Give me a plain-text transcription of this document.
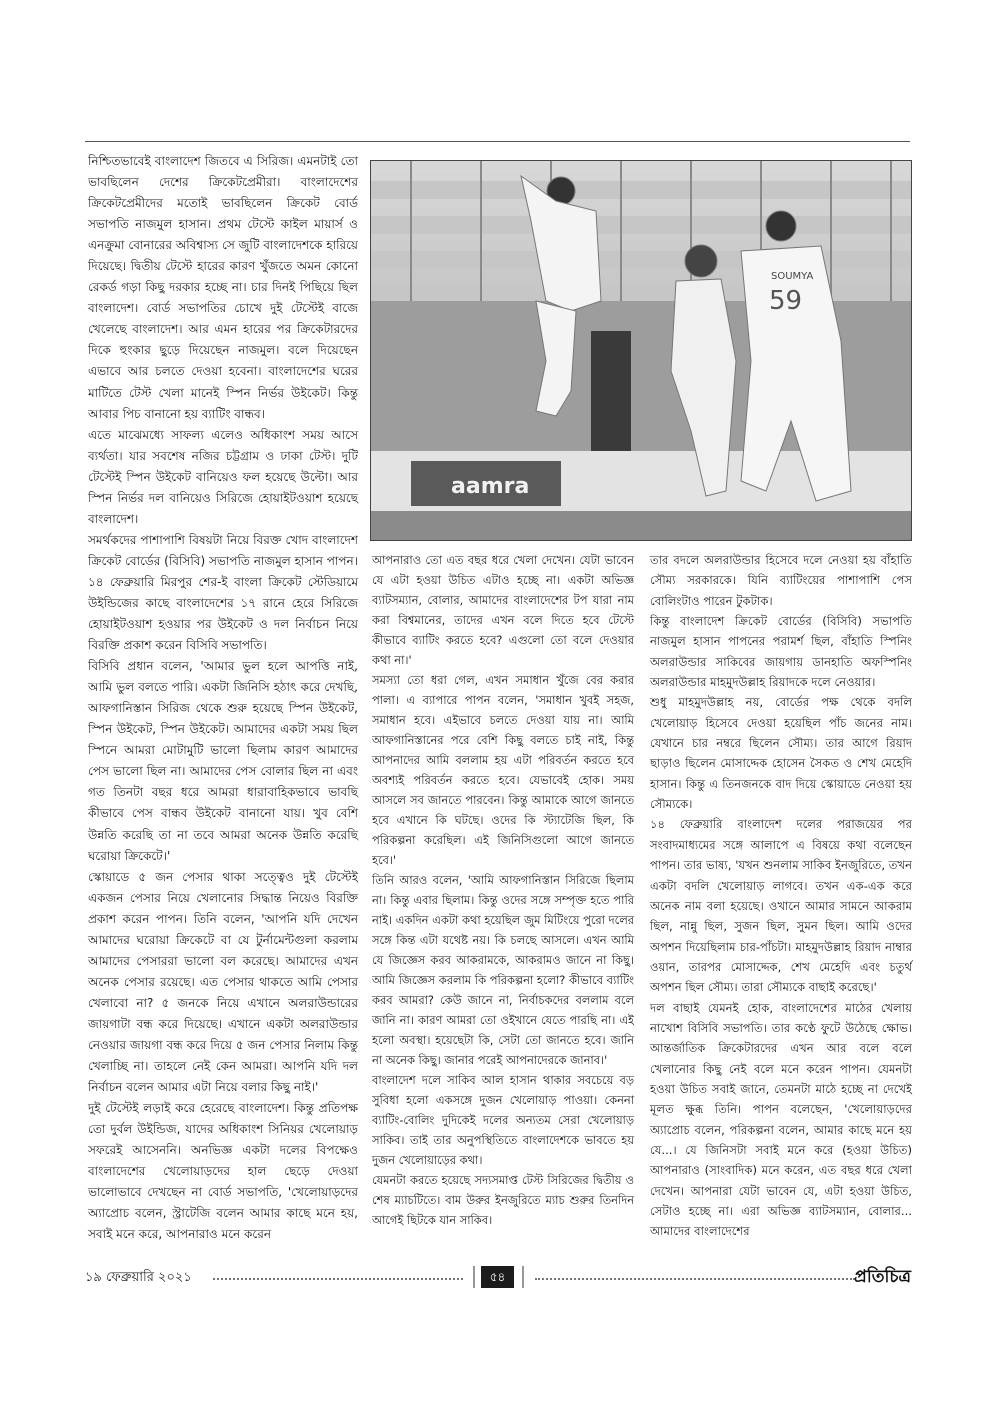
নিশ্চিতভাবেই বাংলাদেশ জিতবে এ সিরিজ। এমনটাই তো ভাবছিলেন দেশের ক্রিকেটপ্রেমীরা। বাংলাদেশের ক্রিকেটপ্রেমীদের মতোই ভাবছিলেন ক্রিকেট বোর্ড সভাপতি নাজমুল হাসান। প্রথম টেস্টে কাইল মায়ার্স ও এনক্রুমা বোনারের অবিশ্বাস্য সে জুটি বাংলাদেশকে হারিয়ে দিয়েছে। দ্বিতীয় টেস্টে হারের কারণ খুঁজতে অমন কোনো রেকর্ড গড়া কিছু দরকার হচ্ছে না। চার দিনই পিছিয়ে ছিল বাংলাদেশ। বোর্ড সভাপতির চোখে দুই টেস্টেই বাজে খেলেছে বাংলাদেশ। আর এমন হারের পর ক্রিকেটারদের দিকে হুংকার ছুড়ে দিয়েছেন নাজমুল। বলে দিয়েছেন এভাবে আর চলতে দেওয়া হবেনা। বাংলাদেশের ঘরের মাটিতে টেস্ট খেলা মানেই স্পিন নির্ভর উইকেট। কিন্তু আবার পিচ বানানো হয় ব্যাটিং বান্ধব।

এতে মাঝেমধ্যে সাফল্য এলেও অধিকাংশ সময় আসে ব্যর্থতা। যার সবশেষ নজির চট্টগ্রাম ও ঢাকা টেস্ট। দুটি টেস্টেই স্পিন উইকেট বানিয়েও ফল হয়েছে উল্টো। আর স্পিন নির্ভর দল বানিয়েও সিরিজে হোয়াইটওয়াশ হয়েছে বাংলাদেশ।

সমর্থকদের পাশাপাশি বিষয়টা নিয়ে বিরক্ত খোদ বাংলাদেশ ক্রিকেট বোর্ডের (বিসিবি) সভাপতি নাজমুল হাসান পাপন। ১৪ ফেব্রুয়ারি মিরপুর শের-ই বাংলা ক্রিকেট স্টেডিয়ামে উইন্ডিজের কাছে বাংলাদেশের ১৭ রানে হেরে সিরিজে হোয়াইটওয়াশ হওয়ার পর উইকেট ও দল নির্বাচন নিয়ে বিরক্তি প্রকাশ করেন বিসিবি সভাপতি।

বিসিবি প্রধান বলেন, 'আমার ভুল হলে আপত্তি নাই, আমি ভুল বলতে পারি। একটা জিনিসি হঠাৎ করে দেখছি, আফগানিস্তান সিরিজ থেকে শুরু হয়েছে স্পিন উইকেট, স্পিন উইকেট, স্পিন উইকেট। আমাদের একটা সময় ছিল স্পিনে আমরা মোটামুটি ভালো ছিলাম কারণ আমাদের পেস ভালো ছিল না। আমাদের পেস বোলার ছিল না এবং গত তিনটা বছর ধরে আমরা ধারাবাহিকভাবে ভাবছি কীভাবে পেস বান্ধব উইকেট বানানো যায়। খুব বেশি উন্নতি করেছি তা না তবে আমরা অনেক উন্নতি করেছি ঘরোয়া ক্রিকেটে।'

স্কোয়াডে ৫ জন পেসার থাকা সত্ত্বেও দুই টেস্টেই একজন পেসার নিয়ে খেলানোর সিদ্ধান্ত নিয়েও বিরক্তি প্রকাশ করেন পাপন। তিনি বলেন, 'আপনি যদি দেখেন আমাদের ঘরোয়া ক্রিকেটে বা যে টুর্নামেন্টগুলা করলাম আমাদের পেসাররা ভালো বল করেছে। আমাদের এখন অনেক পেসার রয়েছে। এত পেসার থাকতে আমি পেসার খেলাবো না? ৫ জনকে নিয়ে এখানে অলরাউন্ডারের জায়গাটা বন্ধ করে দিয়েছে। এখানে একটা অলরাউন্ডার নেওয়ার জায়গা বন্ধ করে দিয়ে ৫ জন পেসার নিলাম কিন্তু খেলাচ্ছি না। তাহলে নেই কেন আমরা। আপনি যদি দল নির্বাচন বলেন আমার এটা নিয়ে বলার কিছু নাই।'

দুই টেস্টেই লড়াই করে হেরেছে বাংলাদেশ। কিন্তু প্রতিপক্ষ তো দুর্বল উইন্ডিজ, যাদের অধিকাংশ সিনিয়র খেলোয়াড় সফরেই আসেননি। অনভিজ্ঞ একটা দলের বিপক্ষেও বাংলাদেশের খেলোয়াড়দের হাল ছেড়ে দেওয়া ভালোভাবে দেখছেন না বোর্ড সভাপতি, 'খেলোয়াড়দের অ্যাপ্রোচ বলেন, স্ট্রাটেজি বলেন আমার কাছে মনে হয়, সবাই মনে করে, আপনারাও মনে করেন

aamra
SOUMYA
59

আপনারাও তো এত বছর ধরে খেলা দেখেন। যেটা ভাবেন যে এটা হওয়া উচিত এটাও হচ্ছে না। একটা অভিজ্ঞ ব্যাটসম্যান, বোলার, আমাদের বাংলাদেশের টপ যারা নাম করা বিশ্বমানের, তাদের এখন বলে দিতে হবে টেস্টে কীভাবে ব্যাটিং করতে হবে? এগুলো তো বলে দেওয়ার কথা না।'

সমস্যা তো ধরা গেল, এখন সমাধান খুঁজে বের করার পালা। এ ব্যাপারে পাপন বলেন, 'সমাধান খুবই সহজ, সমাধান হবে। এইভাবে চলতে দেওয়া যায় না। আমি আফগানিস্তানের পরে বেশি কিছু বলতে চাই নাই, কিন্তু আপনাদের আমি বললাম হয় এটা পরিবর্তন করতে হবে অবশ্যই পরিবর্তন করতে হবে। যেভাবেই হোক। সময় আসলে সব জানতে পারবেন। কিন্তু আমাকে আগে জানতে হবে এখানে কি ঘটছে। ওদের কি স্ট্যাটেজি ছিল, কি পরিকল্পনা করেছিল। এই জিনিসিগুলো আগে জানতে হবে।'

তিনি আরও বলেন, 'আমি আফগানিস্তান সিরিজে ছিলাম না। কিন্তু এবার ছিলাম। কিন্তু ওদের সঙ্গে সম্পৃক্ত হতে পারি নাই। একদিন একটা কথা হয়েছিল জুম মিটিংয়ে পুরো দলের সঙ্গে কিন্ত এটা যথেষ্ট নয়। কি চলছে আসলে। এখন আমি যে জিজ্ঞেস করব আকরামকে, আকরামও জানে না কিছু। আমি জিজ্ঞেস করলাম কি পরিকল্পনা হলো? কীভাবে ব্যাটিং করব আমরা? কেউ জানে না, নির্বাচকদের বললাম বলে জানি না। কারণ আমরা তো ওইখানে যেতে পারছি না। এই হলো অবস্থা। হয়েছেটা কি, সেটা তো জানতে হবে। জানি না অনেক কিছু। জানার পরেই আপনাদেরকে জানাব।'

বাংলাদেশ দলে সাকিব আল হাসান থাকার সবচেয়ে বড় সুবিধা হলো একসঙ্গে দুজন খেলোয়াড় পাওয়া। কেননা ব্যাটিং-বোলিং দুদিকেই দলের অন্যতম সেরা খেলোয়াড় সাকিব। তাই তার অনুপস্থিতিতে বাংলাদেশকে ভাবতে হয় দুজন খেলোয়াড়ের কথা।

যেমনটা করতে হয়েছে সদ্যসমাপ্ত টেস্ট সিরিজের দ্বিতীয় ও শেষ ম্যাচটিতে। বাম উরুর ইনজুরিতে ম্যাচ শুরুর তিনদিন আগেই ছিটকে যান সাকিব।

তার বদলে অলরাউন্ডার হিসেবে দলে নেওয়া হয় বাঁহাতি সৌম্য সরকারকে। যিনি ব্যাটিংয়ের পাশাপাশি পেস বোলিংটাও পারেন টুকটাক।

কিন্তু বাংলাদেশ ক্রিকেট বোর্ডের (বিসিবি) সভাপতি নাজমুল হাসান পাপনের পরামর্শ ছিল, বাঁহাতি স্পিনিং অলরাউন্ডার সাকিবের জায়গায় ডানহাতি অফস্পিনিং অলরাউন্ডার মাহমুদউল্লাহ রিয়াদকে দলে নেওয়ার।

শুধু মাহমুদউল্লাহ নয়, বোর্ডের পক্ষ থেকে বদলি খেলোয়াড় হিসেবে দেওয়া হয়েছিল পাঁচ জনের নাম। যেখানে চার নম্বরে ছিলেন সৌম্য। তার আগে রিয়াদ ছাড়াও ছিলেন মোসাদ্দেক হোসেন সৈকত ও শেখ মেহেদি হাসান। কিন্তু এ তিনজনকে বাদ দিয়ে স্কোয়াডে নেওয়া হয় সৌম্যকে।

১৪ ফেব্রুয়ারি বাংলাদেশ দলের পরাজয়ের পর সংবাদমাধ্যমের সঙ্গে আলাপে এ বিষয়ে কথা বলেছেন পাপন। তার ভাষ্য, 'যখন শুনলাম সাকিব ইনজুরিতে, তখন একটা বদলি খেলোয়াড় লাগবে। তখন এক-এক করে অনেক নাম বলা হয়েছে। ওখানে আমার সামনে আকরাম ছিল, নান্নু ছিল, সুজন ছিল, সুমন ছিল। আমি ওদের অপশন দিয়েছিলাম চার-পাঁচটা। মাহমুদউল্লাহ রিয়াদ নাম্বার ওয়ান, তারপর মোসাদ্দেক, শেখ মেহেদি এবং চতুর্থ অপশন ছিল সৌম্য। তারা সৌম্যকে বাছাই করেছে।'

দল বাছাই যেমনই হোক, বাংলাদেশের মাঠের খেলায় নাখোশ বিসিবি সভাপতি। তার কণ্ঠে ফুটে উঠেছে ক্ষোভ। আন্তর্জাতিক ক্রিকেটারদের এখন আর বলে বলে খেলানোর কিছু নেই বলে মনে করেন পাপন। যেমনটা হওয়া উচিত সবাই জানে, তেমনটা মাঠে হচ্ছে না দেখেই মূলত ক্ষুব্ধ তিনি। পাপন বলেছেন, 'খেলোয়াড়দের অ্যাপ্রোচ বলেন, পরিকল্পনা বলেন, আমার কাছে মনে হয় যে...। যে জিনিসটা সবাই মনে করে (হওয়া উচিত) আপনারাও (সাংবাদিক) মনে করেন, এত বছর ধরে খেলা দেখেন। আপনারা যেটা ভাবেন যে, এটা হওয়া উচিত, সেটাও হচ্ছে না। এরা অভিজ্ঞ ব্যাটসম্যান, বোলার... আমাদের বাংলাদেশের

১৯ ফেব্রুয়ারি ২০২১	৫৪	প্রতিচিত্র
